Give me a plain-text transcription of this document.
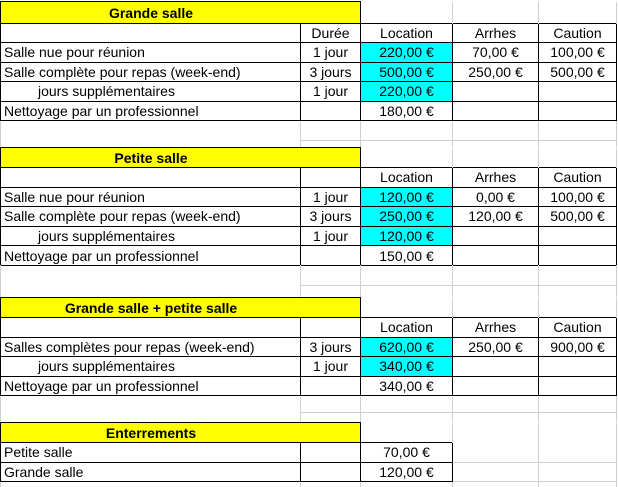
Grande salle				

	Durée	Location	Arrhes	Caution
Salle nue pour réunion	1 jour	220,00 €	70,00 €	100,00 €
Salle complète pour repas (week-end)	3 jours	500,00 €	250,00 €	500,00 €
jours supplémentaires	1 jour	220,00 €		
Nettoyage par un professionnel		180,00 €		
Petite salle				

		Location	Arrhes	Caution
Salle nue pour réunion	1 jour	120,00 €	0,00 €	100,00 €
Salle complète pour repas (week-end)	3 jours	250,00 €	120,00 €	500,00 €
jours supplémentaires	1 jour	120,00 €		
Nettoyage par un professionnel		150,00 €		
Grande salle + petite salle				

		Location	Arrhes	Caution
Salles complètes pour repas (week-end)	3 jours	620,00 €	250,00 €	900,00 €
jours supplémentaires	1 jour	340,00 €		
Nettoyage par un professionnel		340,00 €		
Enterrements				

Petite salle		70,00 €		
Grande salle		120,00 €		
